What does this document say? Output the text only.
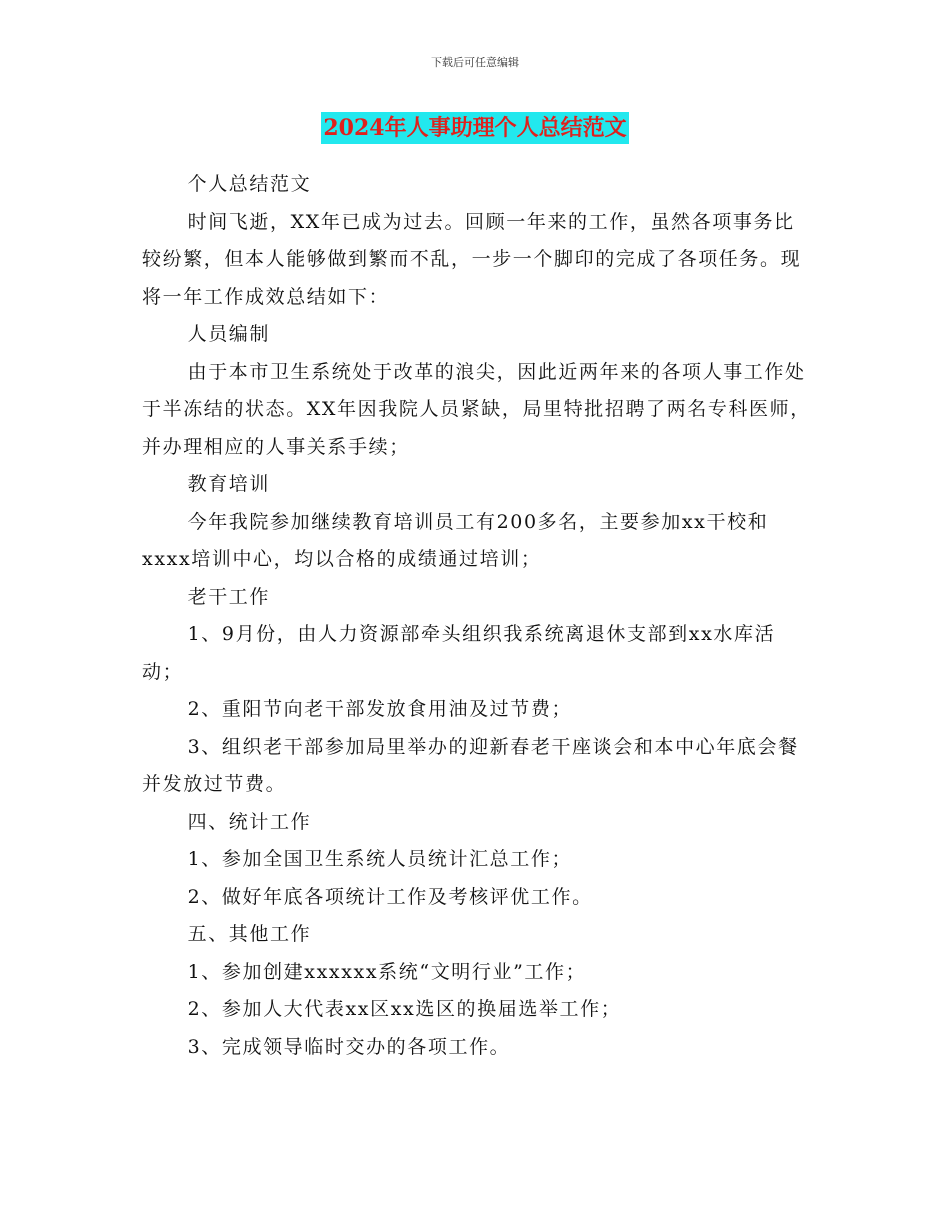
下载后可任意编辑
2024年人事助理个人总结范文

个人总结范文

时间飞逝，XX年已成为过去。回顾一年来的工作，虽然各项事务比较纷繁，但本人能够做到繁而不乱，一步一个脚印的完成了各项任务。现将一年工作成效总结如下：

人员编制

由于本市卫生系统处于改革的浪尖，因此近两年来的各项人事工作处于半冻结的状态。XX年因我院人员紧缺，局里特批招聘了两名专科医师，并办理相应的人事关系手续；

教育培训

今年我院参加继续教育培训员工有200多名，主要参加xx干校和xxxx培训中心，均以合格的成绩通过培训；

老干工作

1、9月份，由人力资源部牵头组织我系统离退休支部到xx水库活动；

2、重阳节向老干部发放食用油及过节费；

3、组织老干部参加局里举办的迎新春老干座谈会和本中心年底会餐并发放过节费。

四、统计工作

1、参加全国卫生系统人员统计汇总工作；

2、做好年底各项统计工作及考核评优工作。

五、其他工作

1、参加创建xxxxxx系统“文明行业”工作；

2、参加人大代表xx区xx选区的换届选举工作；

3、完成领导临时交办的各项工作。
